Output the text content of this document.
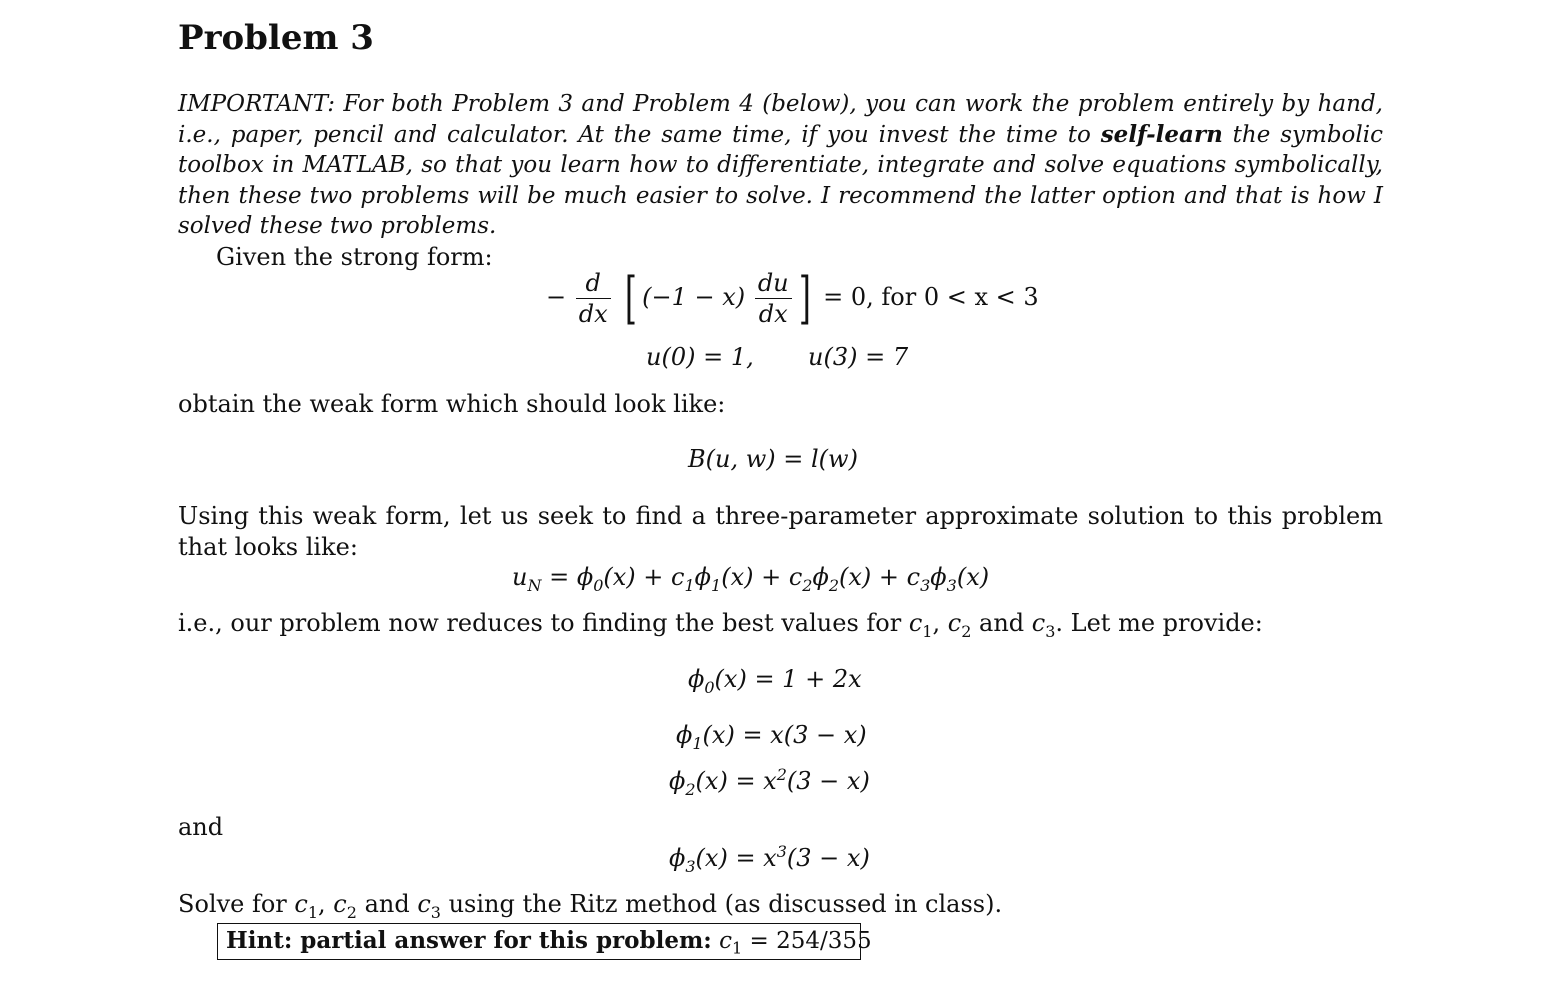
Problem 3
IMPORTANT: For both Problem 3 and Problem 4 (below), you can work the problem entirely by hand, i.e., paper, pencil and calculator. At the same time, if you invest the time to self-learn the symbolic toolbox in MATLAB, so that you learn how to differentiate, integrate and solve equations symbolically, then these two problems will be much easier to solve. I recommend the latter option and that is how I solved these two problems.
Given the strong form:
− $\frac{d}{dx}$ [ $(-1 - x) \frac{du}{dx}$ ] = 0, for 0 < x < 3
u(0) = 1, u(3) = 7
obtain the weak form which should look like:
B(u, w) = l(w)
Using this weak form, let us seek to find a three-parameter approximate solution to this problem that looks like:
$u_N = \phi_0(x) + c_1\phi_1(x) + c_2\phi_2(x) + c_3\phi_3(x)$
i.e., our problem now reduces to finding the best values for $c_1$, $c_2$ and $c_3$. Let me provide:
$\phi_0(x) = 1 + 2x$
$\phi_1(x) = x(3 - x)$
$\phi_2(x) = x^2(3 - x)$
and
$\phi_3(x) = x^3(3 - x)$
Solve for $c_1$, $c_2$ and $c_3$ using the Ritz method (as discussed in class).
Hint: partial answer for this problem: $c_1 = 254/355$
